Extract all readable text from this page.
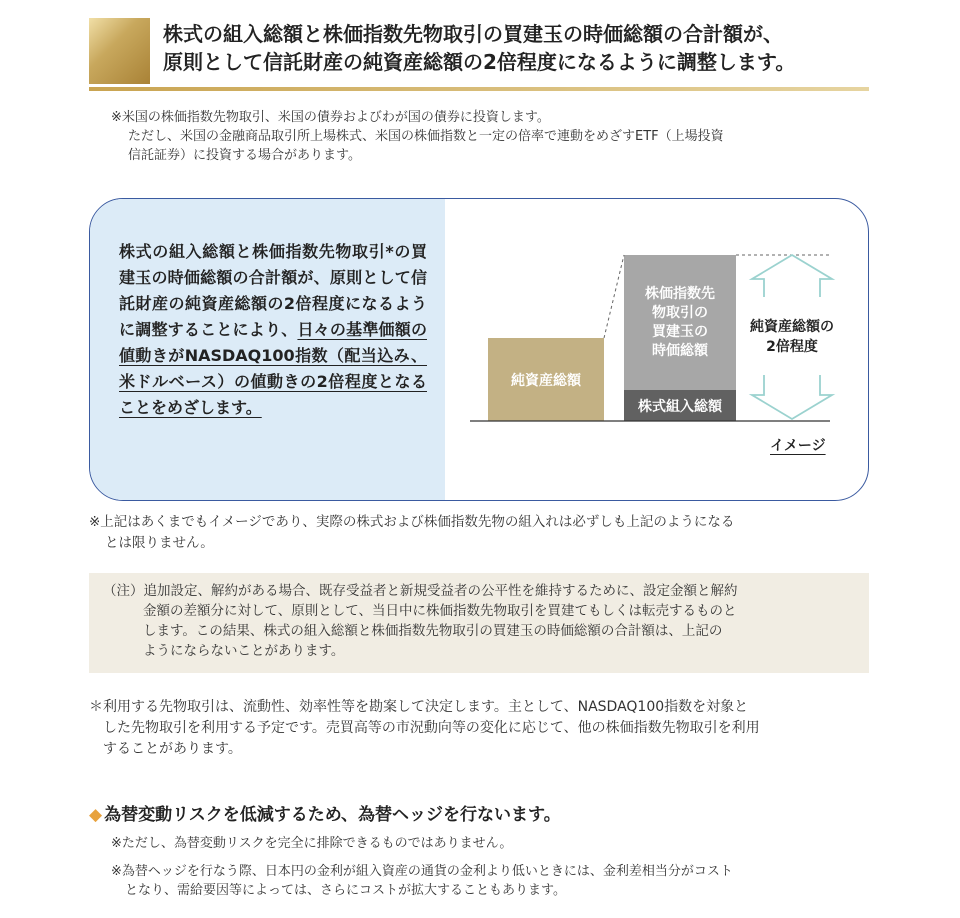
株式の組入総額と株価指数先物取引の買建玉の時価総額の合計額が、
原則として信託財産の純資産総額の2倍程度になるように調整します。
※米国の株価指数先物取引、米国の債券およびわが国の債券に投資します。
ただし、米国の金融商品取引所上場株式、米国の株価指数と一定の倍率で連動をめざすETF（上場投資
信託証券）に投資する場合があります。
株式の組入総額と株価指数先物取引*の買建玉の時価総額の合計額が、原則として信託財産の純資産総額の2倍程度になるように調整することにより、日々の基準価額の値動きがNASDAQ100指数（配当込み、米ドルベース）の値動きの2倍程度となることをめざします。
純資産総額
株価指数先
物取引の
買建玉の
時価総額
株式組入総額
純資産総額の
2倍程度
イメージ
※上記はあくまでもイメージであり、実際の株式および株価指数先物の組入れは必ずしも上記のようになる
とは限りません。
（注）追加設定、解約がある場合、既存受益者と新規受益者の公平性を維持するために、設定金額と解約
金額の差額分に対して、原則として、当日中に株価指数先物取引を買建てもしくは転売するものと
します。この結果、株式の組入総額と株価指数先物取引の買建玉の時価総額の合計額は、上記の
ようにならないことがあります。
＊利用する先物取引は、流動性、効率性等を勘案して決定します。主として、NASDAQ100指数を対象と
した先物取引を利用する予定です。売買高等の市況動向等の変化に応じて、他の株価指数先物取引を利用
することがあります。
◆ 為替変動リスクを低減するため、為替ヘッジを行ないます。
※ただし、為替変動リスクを完全に排除できるものではありません。
※為替ヘッジを行なう際、日本円の金利が組入資産の通貨の金利より低いときには、金利差相当分がコスト
となり、需給要因等によっては、さらにコストが拡大することもあります。
